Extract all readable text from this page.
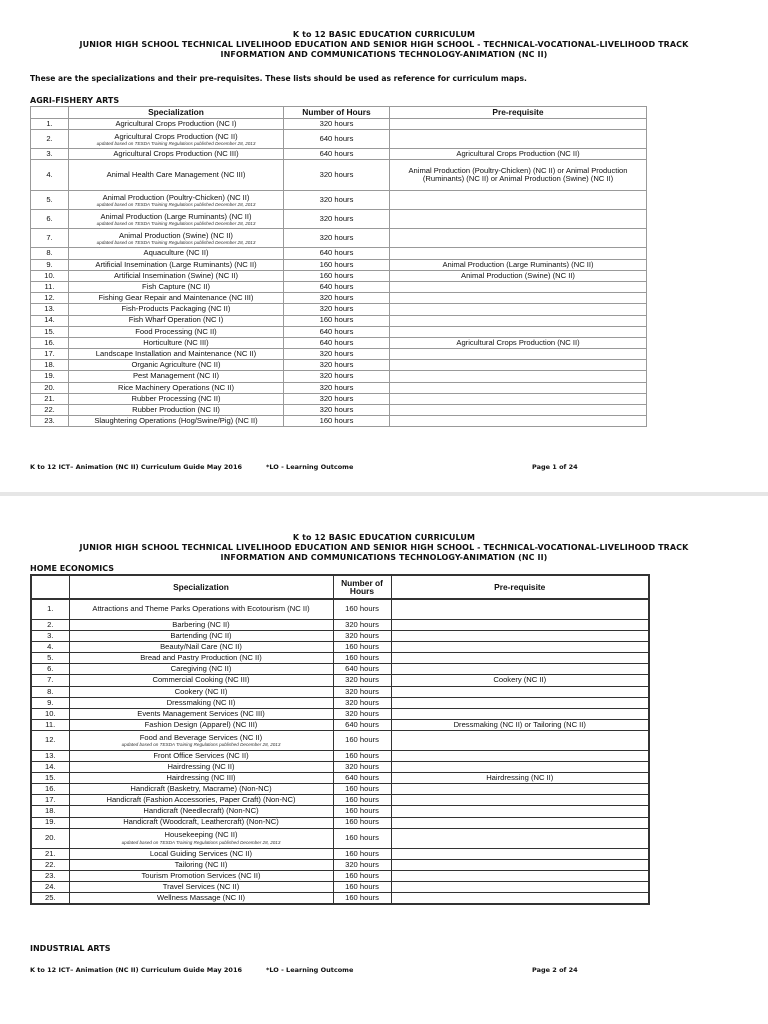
K to 12 BASIC EDUCATION CURRICULUM
JUNIOR HIGH SCHOOL TECHNICAL LIVELIHOOD EDUCATION AND SENIOR HIGH SCHOOL - TECHNICAL-VOCATIONAL-LIVELIHOOD TRACK
INFORMATION AND COMMUNICATIONS TECHNOLOGY-ANIMATION (NC II)
These are the specializations and their pre-requisites. These lists should be used as reference for curriculum maps.
AGRI-FISHERY ARTS
	Specialization	Number of Hours	Pre-requisite
1.	Agricultural Crops Production (NC I)	320 hours	
2.	Agricultural Crops Production (NC II)
updated based on TESDA Training Regulations published December 28, 2013	640 hours	
3.	Agricultural Crops Production (NC III)	640 hours	Agricultural Crops Production (NC II)
4.	Animal Health Care Management (NC III)	320 hours	Animal Production (Poultry-Chicken) (NC II) or Animal Production (Ruminants) (NC II) or Animal Production (Swine) (NC II)
5.	Animal Production (Poultry-Chicken) (NC II)
updated based on TESDA Training Regulations published December 28, 2013	320 hours	
6.	Animal Production (Large Ruminants) (NC II)
updated based on TESDA Training Regulations published December 28, 2013	320 hours	
7.	Animal Production (Swine) (NC II)
updated based on TESDA Training Regulations published December 28, 2013	320 hours	
8.	Aquaculture (NC II)	640 hours	
9.	Artificial Insemination (Large Ruminants) (NC II)	160 hours	Animal Production (Large Ruminants) (NC II)
10.	Artificial Insemination (Swine) (NC II)	160 hours	Animal Production (Swine) (NC II)
11.	Fish Capture (NC II)	640 hours	
12.	Fishing Gear Repair and Maintenance (NC III)	320 hours	
13.	Fish-Products Packaging (NC II)	320 hours	
14.	Fish Wharf Operation (NC I)	160 hours	
15.	Food Processing (NC II)	640 hours	
16.	Horticulture (NC III)	640 hours	Agricultural Crops Production (NC II)
17.	Landscape Installation and Maintenance (NC II)	320 hours	
18.	Organic Agriculture (NC II)	320 hours	
19.	Pest Management (NC II)	320 hours	
20.	Rice Machinery Operations (NC II)	320 hours	
21.	Rubber Processing (NC II)	320 hours	
22.	Rubber Production (NC II)	320 hours	
23.	Slaughtering Operations (Hog/Swine/Pig) (NC II)	160 hours	
K to 12 ICT– Animation (NC II) Curriculum Guide May 2016	*LO - Learning Outcome	Page 1 of 24
K to 12 BASIC EDUCATION CURRICULUM
JUNIOR HIGH SCHOOL TECHNICAL LIVELIHOOD EDUCATION AND SENIOR HIGH SCHOOL - TECHNICAL-VOCATIONAL-LIVELIHOOD TRACK
INFORMATION AND COMMUNICATIONS TECHNOLOGY-ANIMATION (NC II)
HOME ECONOMICS
	Specialization	Number of Hours	Pre-requisite
1.	Attractions and Theme Parks Operations with Ecotourism (NC II)	160 hours	
2.	Barbering (NC II)	320 hours	
3.	Bartending (NC II)	320 hours	
4.	Beauty/Nail Care (NC II)	160 hours	
5.	Bread and Pastry Production (NC II)	160 hours	
6.	Caregiving (NC II)	640 hours	
7.	Commercial Cooking (NC III)	320 hours	Cookery (NC II)
8.	Cookery (NC II)	320 hours	
9.	Dressmaking (NC II)	320 hours	
10.	Events Management Services (NC III)	320 hours	
11.	Fashion Design (Apparel) (NC III)	640 hours	Dressmaking (NC II) or Tailoring (NC II)
12.	Food and Beverage Services (NC II)
updated based on TESDA Training Regulations published December 28, 2013	160 hours	
13.	Front Office Services (NC II)	160 hours	
14.	Hairdressing (NC II)	320 hours	
15.	Hairdressing (NC III)	640 hours	Hairdressing (NC II)
16.	Handicraft (Basketry, Macrame) (Non-NC)	160 hours	
17.	Handicraft (Fashion Accessories, Paper Craft) (Non-NC)	160 hours	
18.	Handicraft (Needlecraft) (Non-NC)	160 hours	
19.	Handicraft (Woodcraft, Leathercraft) (Non-NC)	160 hours	
20.	Housekeeping (NC II)
updated based on TESDA Training Regulations published December 28, 2013	160 hours	
21.	Local Guiding Services (NC II)	160 hours	
22.	Tailoring (NC II)	320 hours	
23.	Tourism Promotion Services (NC II)	160 hours	
24.	Travel Services (NC II)	160 hours	
25.	Wellness Massage (NC II)	160 hours	
INDUSTRIAL ARTS
K to 12 ICT– Animation (NC II) Curriculum Guide May 2016	*LO - Learning Outcome	Page 2 of 24
